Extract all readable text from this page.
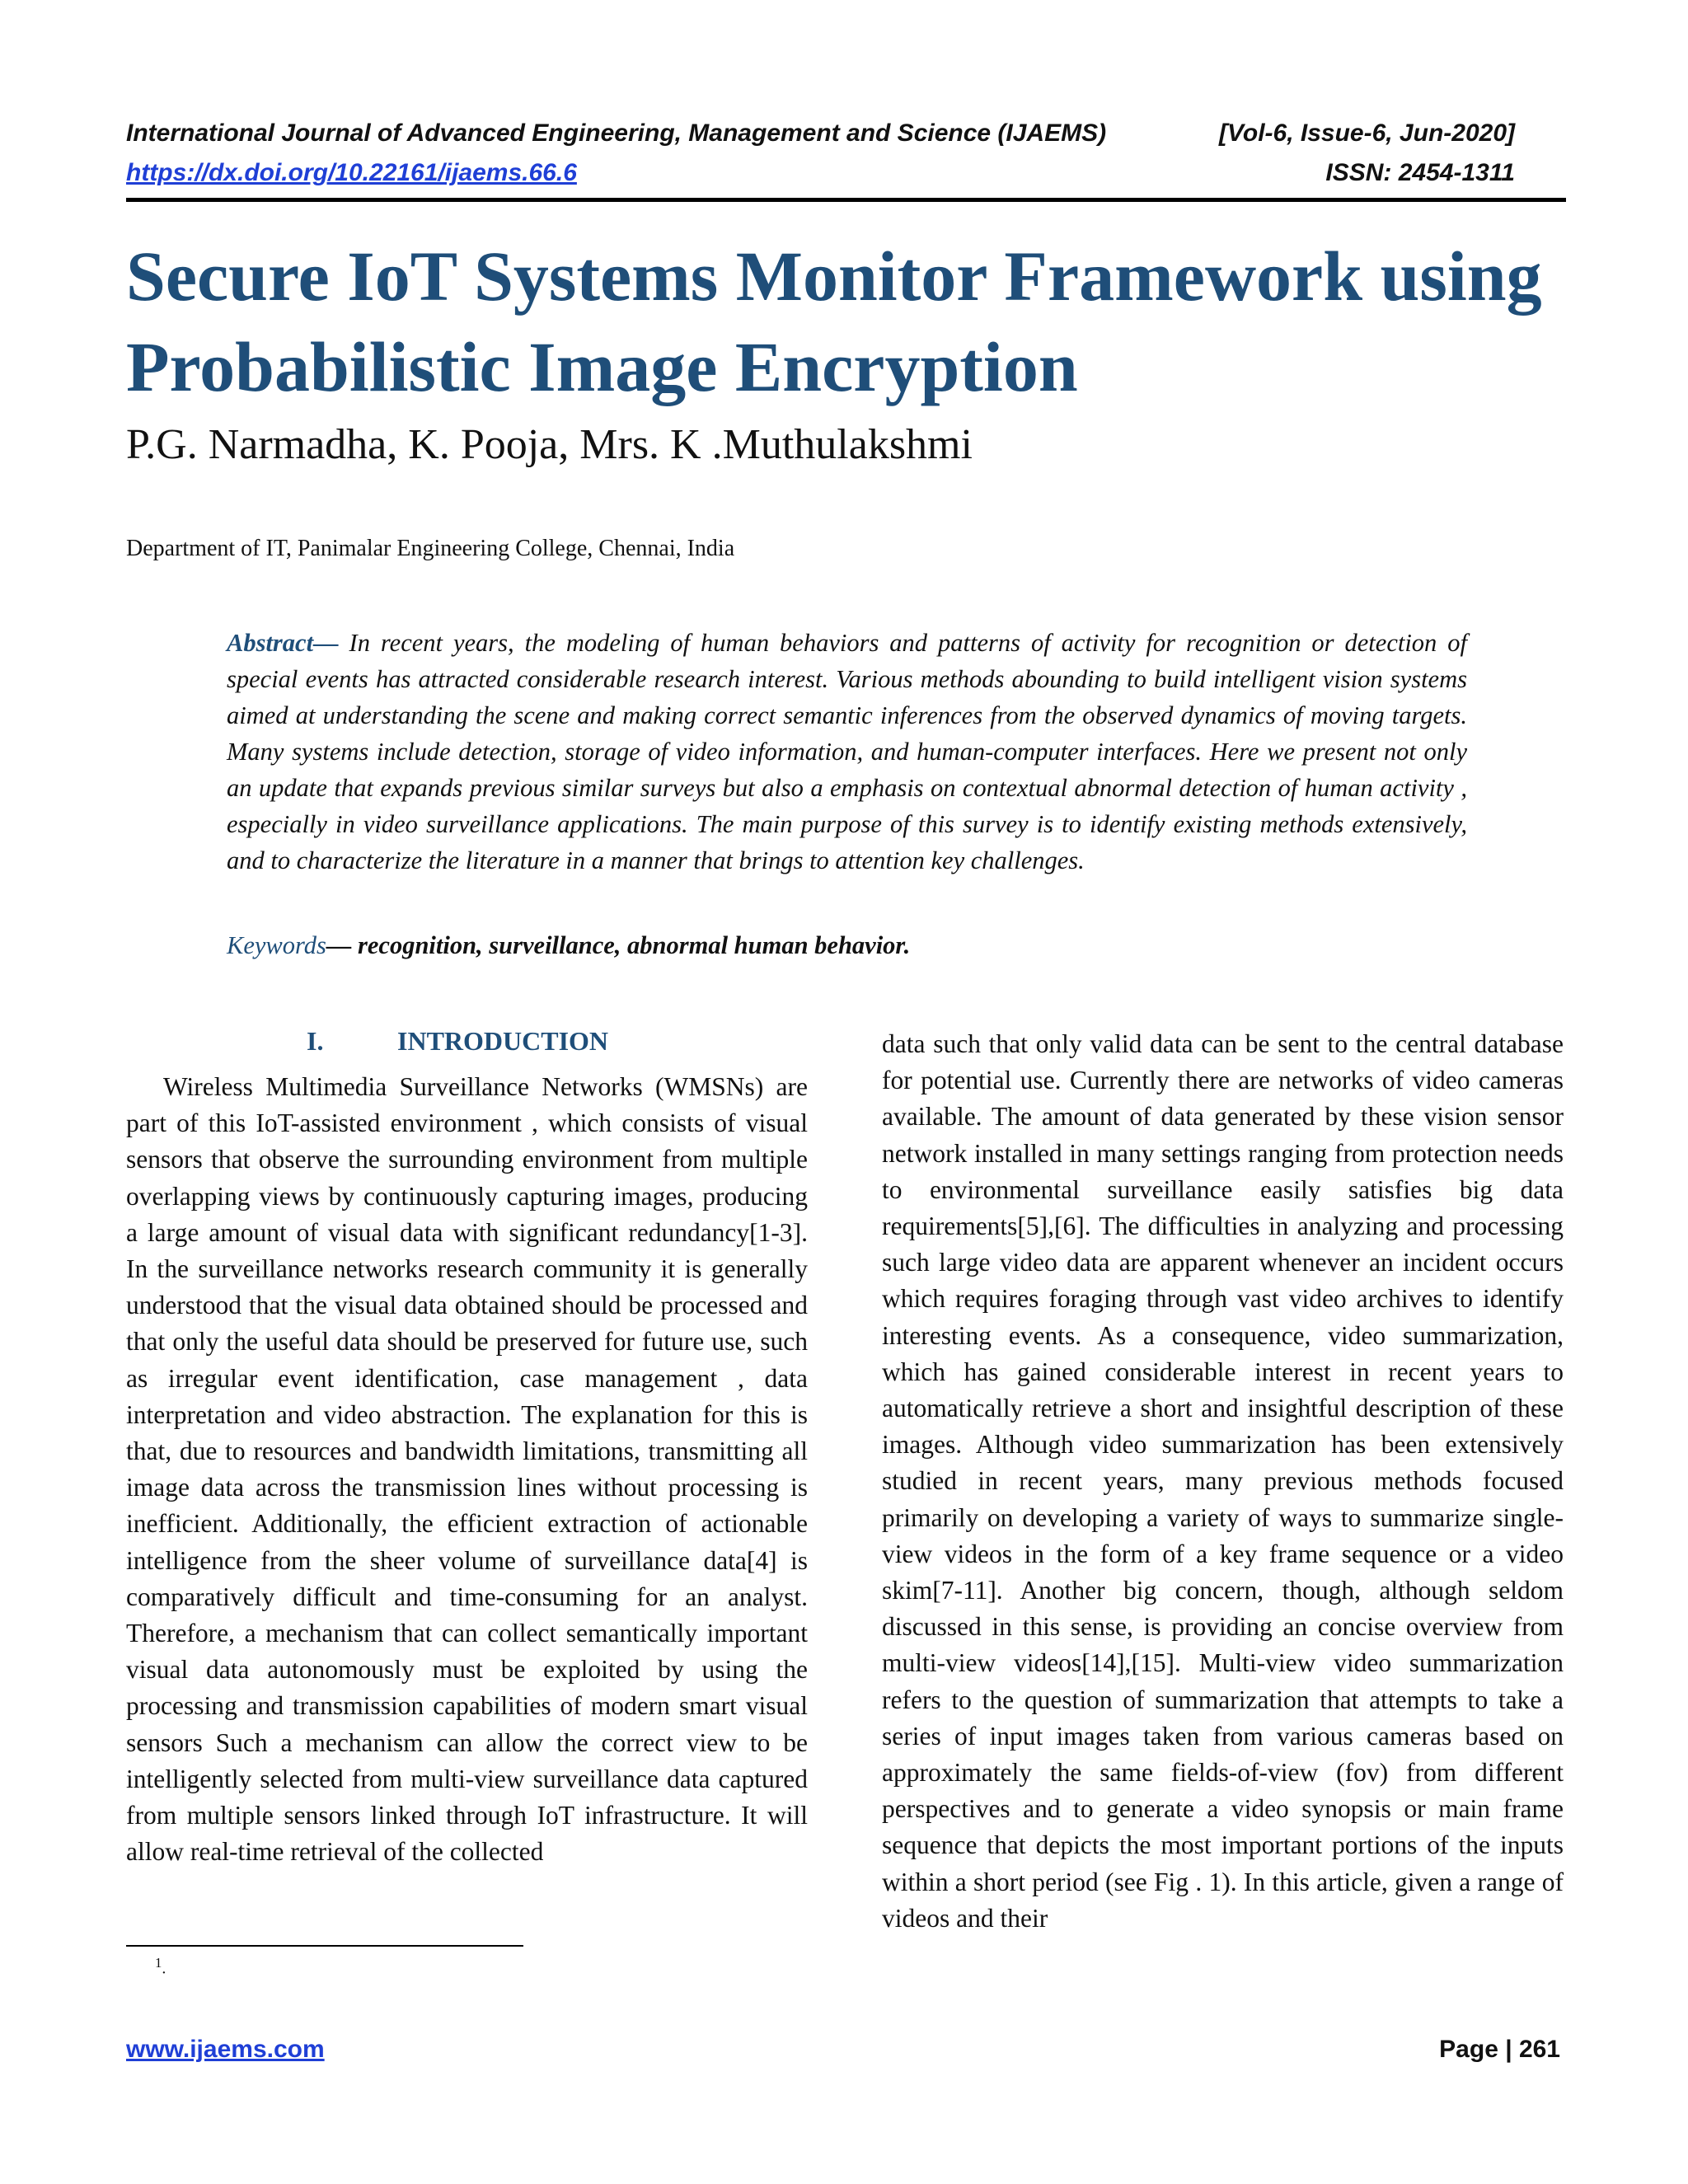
International Journal of Advanced Engineering, Management and Science (IJAEMS)	[Vol-6, Issue-6, Jun-2020]
https://dx.doi.org/10.22161/ijaems.66.6	ISSN: 2454-1311
Secure IoT Systems Monitor Framework using Probabilistic Image Encryption
P.G. Narmadha, K. Pooja, Mrs. K .Muthulakshmi
Department of IT, Panimalar Engineering College, Chennai, India
Abstract— In recent years, the modeling of human behaviors and patterns of activity for recognition or detection of special events has attracted considerable research interest. Various methods abounding to build intelligent vision systems aimed at understanding the scene and making correct semantic inferences from the observed dynamics of moving targets. Many systems include detection, storage of video information, and human-computer interfaces. Here we present not only an update that expands previous similar surveys but also a emphasis on contextual abnormal detection of human activity , especially in video surveillance applications. The main purpose of this survey is to identify existing methods extensively, and to characterize the literature in a manner that brings to attention key challenges.
Keywords— recognition, surveillance, abnormal human behavior.
I.	INTRODUCTION
Wireless Multimedia Surveillance Networks (WMSNs) are part of this IoT-assisted environment , which consists of visual sensors that observe the surrounding environment from multiple overlapping views by continuously capturing images, producing a large amount of visual data with significant redundancy[1-3]. In the surveillance networks research community it is generally understood that the visual data obtained should be processed and that only the useful data should be preserved for future use, such as irregular event identification, case management , data interpretation and video abstraction. The explanation for this is that, due to resources and bandwidth limitations, transmitting all image data across the transmission lines without processing is inefficient. Additionally, the efficient extraction of actionable intelligence from the sheer volume of surveillance data[4] is comparatively difficult and time-consuming for an analyst. Therefore, a mechanism that can collect semantically important visual data autonomously must be exploited by using the processing and transmission capabilities of modern smart visual sensors Such a mechanism can allow the correct view to be intelligently selected from multi-view surveillance data captured from multiple sensors linked through IoT infrastructure. It will allow real-time retrieval of the collected
data such that only valid data can be sent to the central database for potential use. Currently there are networks of video cameras available. The amount of data generated by these vision sensor network installed in many settings ranging from protection needs to environmental surveillance easily satisfies big data requirements[5],[6]. The difficulties in analyzing and processing such large video data are apparent whenever an incident occurs which requires foraging through vast video archives to identify interesting events. As a consequence, video summarization, which has gained considerable interest in recent years to automatically retrieve a short and insightful description of these images. Although video summarization has been extensively studied in recent years, many previous methods focused primarily on developing a variety of ways to summarize single-view videos in the form of a key frame sequence or a video skim[7-11]. Another big concern, though, although seldom discussed in this sense, is providing an concise overview from multi-view videos[14],[15]. Multi-view video summarization refers to the question of summarization that attempts to take a series of input images taken from various cameras based on approximately the same fields-of-view (fov) from different perspectives and to generate a video synopsis or main frame sequence that depicts the most important portions of the inputs within a short period (see Fig . 1). In this article, given a range of videos and their
$^1$.
www.ijaems.com	Page | 261
